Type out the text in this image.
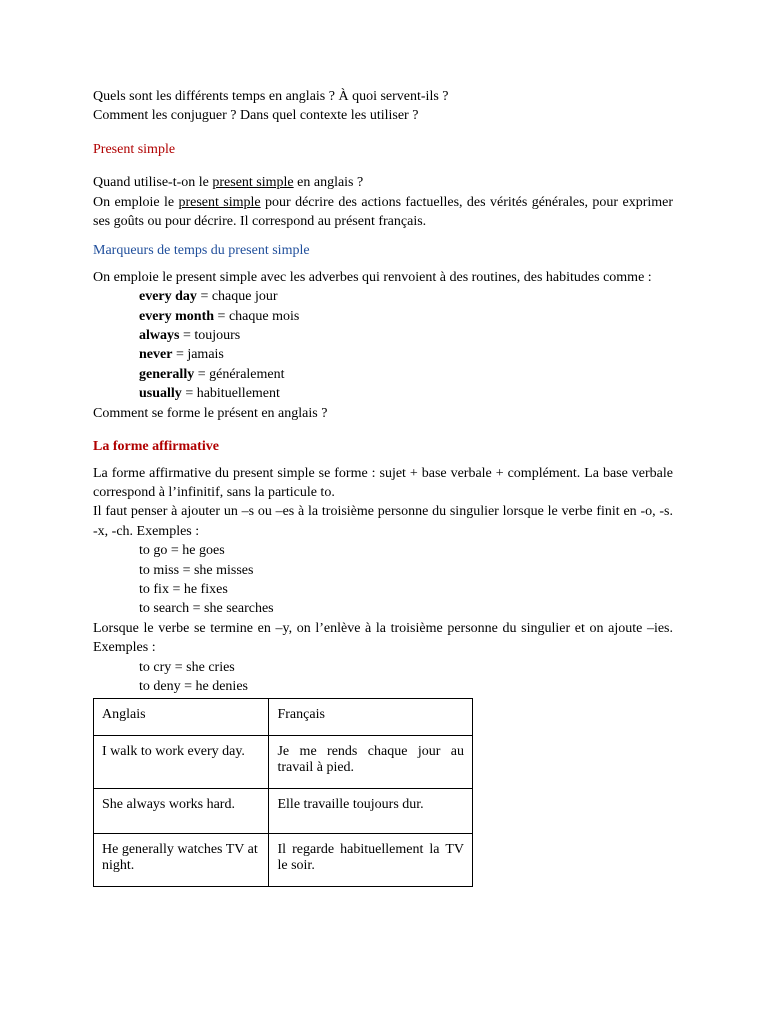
Quels sont les différents temps en anglais ? À quoi servent-ils ?

Comment les conjuguer ? Dans quel contexte les utiliser ?

Present simple

Quand utilise-t-on le present simple en anglais ?

On emploie le present simple pour décrire des actions factuelles, des vérités générales, pour exprimer ses goûts ou pour décrire. Il correspond au présent français.

Marqueurs de temps du present simple

On emploie le present simple avec les adverbes qui renvoient à des routines, des habitudes comme :

every day = chaque jour

every month = chaque mois

always = toujours

never = jamais

generally = généralement

usually = habituellement

Comment se forme le présent en anglais ?

La forme affirmative

La forme affirmative du present simple se forme : sujet + base verbale + complément. La base verbale correspond à l’infinitif, sans la particule to.

Il faut penser à ajouter un –s ou –es à la troisième personne du singulier lorsque le verbe finit en -o, -s. -x, -ch. Exemples :

to go = he goes

to miss = she misses

to fix = he fixes

to search = she searches

Lorsque le verbe se termine en –y, on l’enlève à la troisième personne du singulier et on ajoute –ies. Exemples :

to cry = she cries

to deny = he denies

Anglais	Français
I walk to work every day.	Je me rends chaque jour au travail à pied.
She always works hard.	Elle travaille toujours dur.
He generally watches TV at night.	Il regarde habituellement la TV le soir.
